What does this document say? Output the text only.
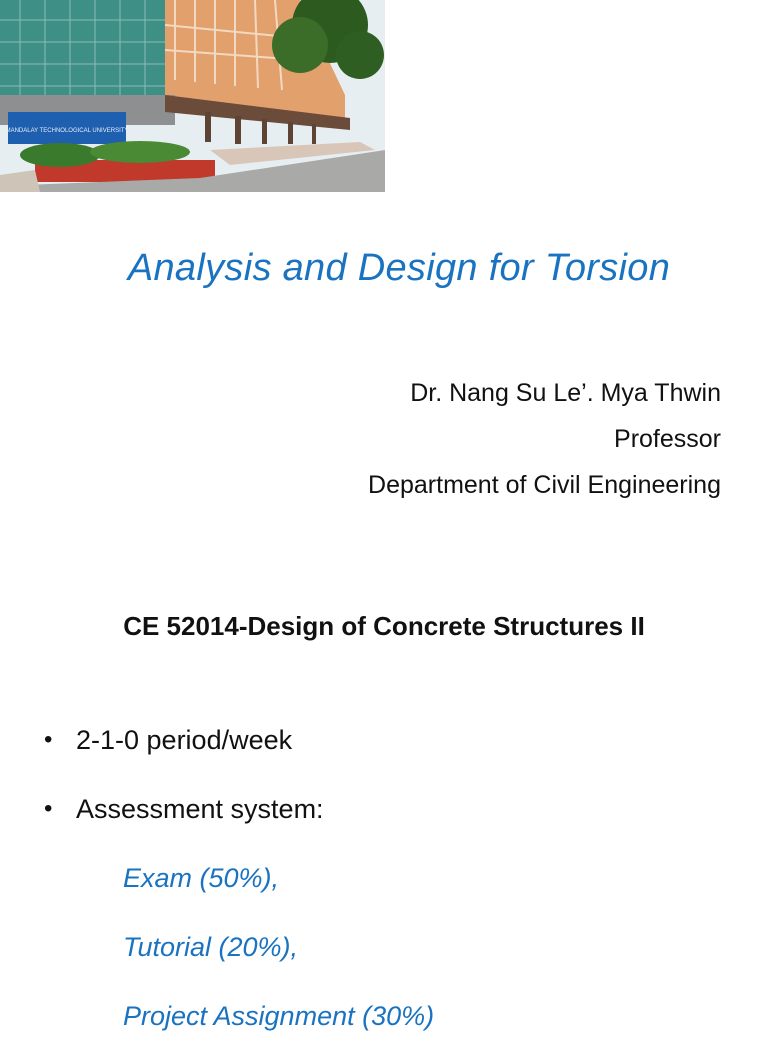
MANDALAY TECHNOLOGICAL UNIVERSITY
Analysis and Design for Torsion
Dr. Nang Su Le’. Mya Thwin
Professor
Department of Civil Engineering
CE 52014-Design of Concrete Structures II
• 2-1-0 period/week
• Assessment system:
Exam (50%),
Tutorial (20%),
Project Assignment (30%)
